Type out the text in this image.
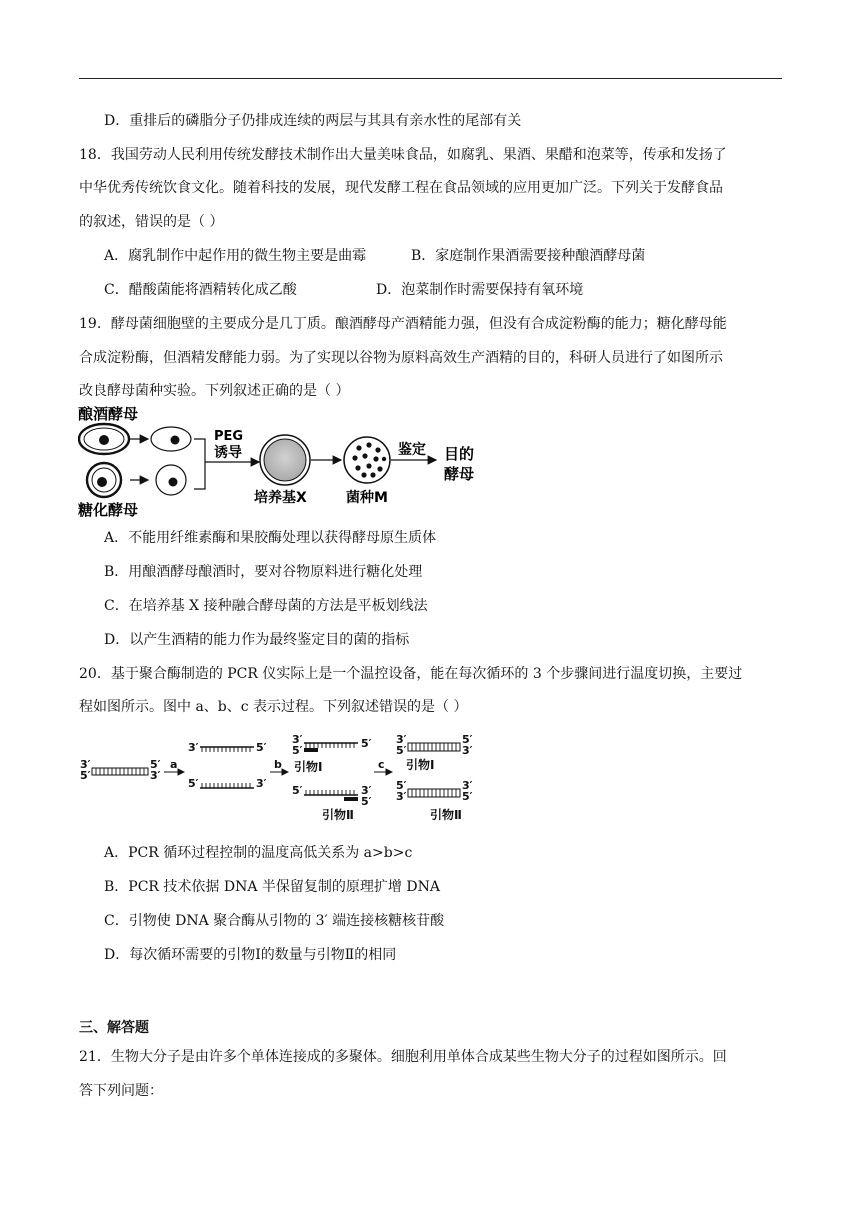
D．重排后的磷脂分子仍排成连续的两层与其具有亲水性的尾部有关
18．我国劳动人民利用传统发酵技术制作出大量美味食品，如腐乳、果酒、果醋和泡菜等，传承和发扬了
中华优秀传统饮食文化。随着科技的发展，现代发酵工程在食品领域的应用更加广泛。下列关于发酵食品
的叙述，错误的是（ ）
A．腐乳制作中起作用的微生物主要是曲霉	B．家庭制作果酒需要接种酿酒酵母菌
C．醋酸菌能将酒精转化成乙酸	D．泡菜制作时需要保持有氧环境
19．酵母菌细胞壁的主要成分是几丁质。酿酒酵母产酒精能力强，但没有合成淀粉酶的能力；糖化酵母能
合成淀粉酶，但酒精发酵能力弱。为了实现以谷物为原料高效生产酒精的目的，科研人员进行了如图所示
改良酵母菌种实验。下列叙述正确的是（ ）
酿酒酵母
糖化酵母
PEG
诱导
培养基X	菌种M
鉴定 目的
酵母
A．不能用纤维素酶和果胶酶处理以获得酵母原生质体
B．用酿酒酵母酿酒时，要对谷物原料进行糖化处理
C．在培养基 X 接种融合酵母菌的方法是平板划线法
D．以产生酒精的能力作为最终鉴定目的菌的指标
20．基于聚合酶制造的 PCR 仪实际上是一个温控设备，能在每次循环的 3 个步骤间进行温度切换，主要过
程如图所示。图中 a、b、c 表示过程。下列叙述错误的是（ ）
3′
5′
5′
3′
a
3′	5′
5′	3′
b
3′
5′
5′
引物Ⅰ
5′	3′
5′
引物Ⅱ
c
3′
5′
5′
3′
引物Ⅰ
5′
3′
3′
5′
引物Ⅱ
A．PCR 循环过程控制的温度高低关系为 a>b>c
B．PCR 技术依据 DNA 半保留复制的原理扩增 DNA
C．引物使 DNA 聚合酶从引物的 3′ 端连接核糖核苷酸
D．每次循环需要的引物Ⅰ的数量与引物Ⅱ的相同
三、解答题
21．生物大分子是由许多个单体连接成的多聚体。细胞利用单体合成某些生物大分子的过程如图所示。回
答下列问题：
